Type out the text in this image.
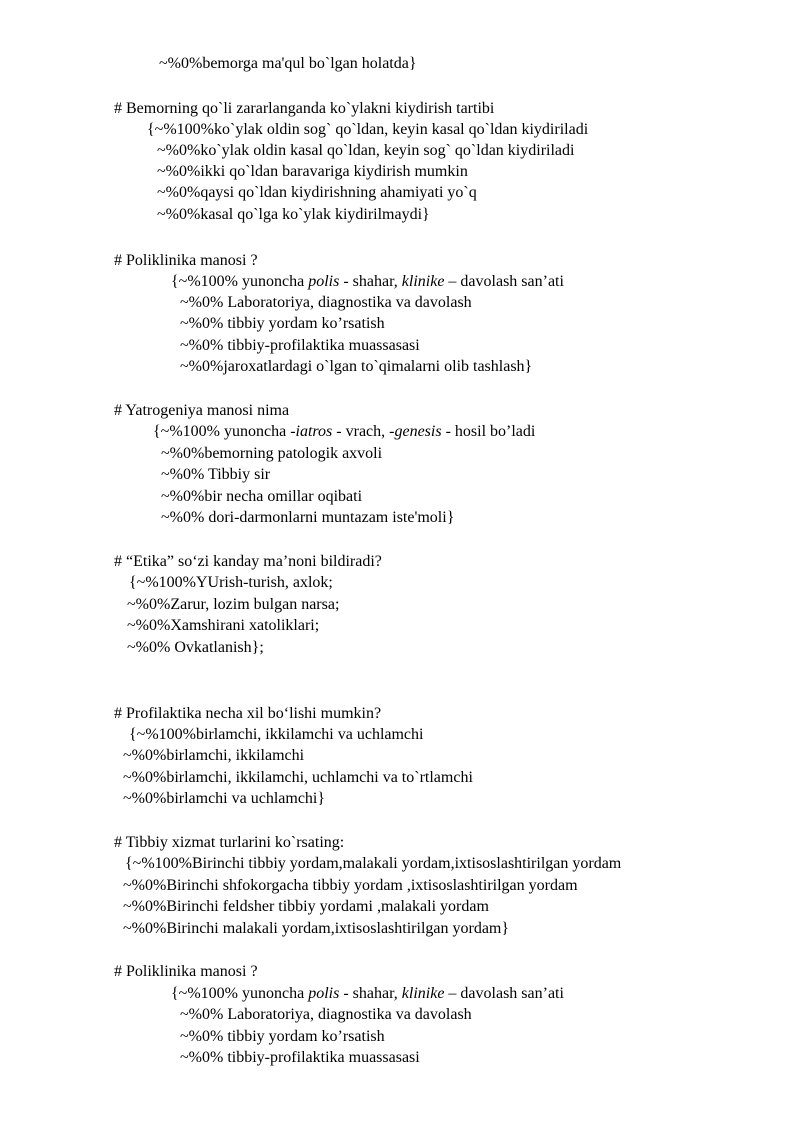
~%0%bemorga ma'qul bo`lgan holatda}
# Bemorning qo`li zararlanganda ko`ylakni kiydirish tartibi
{~%100%ko`ylak oldin sog` qo`ldan, keyin kasal qo`ldan kiydiriladi
~%0%ko`ylak oldin kasal qo`ldan, keyin sog` qo`ldan kiydiriladi
~%0%ikki qo`ldan baravariga kiydirish mumkin
~%0%qaysi qo`ldan kiydirishning ahamiyati yo`q
~%0%kasal qo`lga ko`ylak kiydirilmaydi}
# Poliklinika manosi ?
{~%100% yunoncha polis - shahar, klinike – davolash san’ati
~%0% Laboratoriya, diagnostika va davolash
~%0% tibbiy yordam ko’rsatish
~%0% tibbiy-profilaktika muassasasi
~%0%jaroxatlardagi o`lgan to`qimalarni olib tashlash}
# Yatrogeniya manosi nima
{~%100% yunoncha -iatros - vrach, -genesis - hosil bo’ladi
~%0%bemorning patologik axvoli
~%0% Tibbiy sir
~%0%bir necha omillar oqibati
~%0% dori-darmonlarni muntazam iste'moli}
# “Etika” so‘zi kanday ma’noni bildiradi?
{~%100%YUrish-turish, axlok;
~%0%Zarur, lozim bulgan narsa;
~%0%Xamshirani xatoliklari;
~%0% Ovkatlanish};
# Profilaktika necha xil bo‘lishi mumkin?
{~%100%birlamchi, ikkilamchi va uchlamchi
~%0%birlamchi, ikkilamchi
~%0%birlamchi, ikkilamchi, uchlamchi va to`rtlamchi
~%0%birlamchi va uchlamchi}
# Tibbiy xizmat turlarini ko`rsating:
{~%100%Birinchi tibbiy yordam,malakali yordam,ixtisoslashtirilgan yordam
~%0%Birinchi shfokorgacha tibbiy yordam ,ixtisoslashtirilgan yordam
~%0%Birinchi feldsher tibbiy yordami ,malakali yordam
~%0%Birinchi malakali yordam,ixtisoslashtirilgan yordam}
# Poliklinika manosi ?
{~%100% yunoncha polis - shahar, klinike – davolash san’ati
~%0% Laboratoriya, diagnostika va davolash
~%0% tibbiy yordam ko’rsatish
~%0% tibbiy-profilaktika muassasasi
